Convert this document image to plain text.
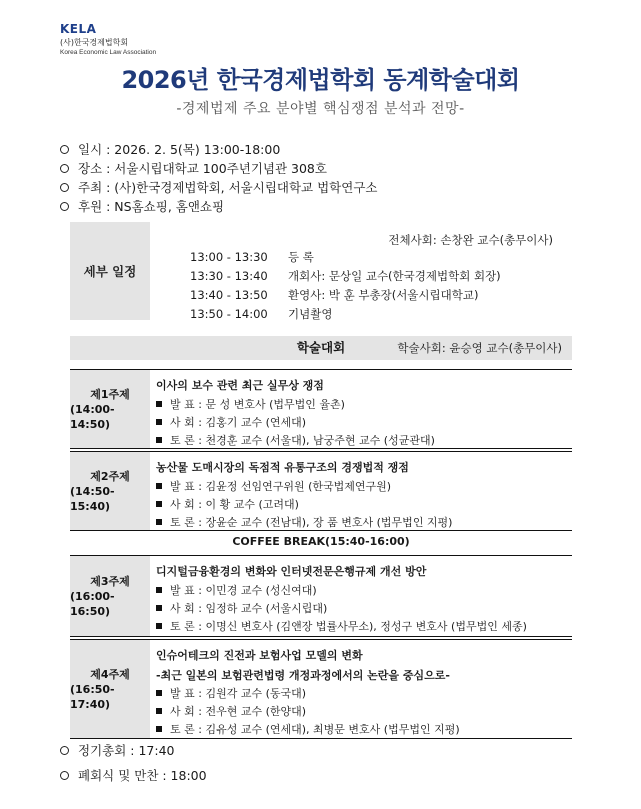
KELA
(사)한국경제법학회
Korea Economic Law Association
2026년 한국경제법학회 동계학술대회
-경제법제 주요 분야별 핵심쟁점 분석과 전망-
일시 : 2026. 2. 5(목) 13:00-18:00
장소 : 서울시립대학교 100주년기념관 308호
주최 : (사)한국경제법학회, 서울시립대학교 법학연구소
후원 : NS홈쇼핑, 홈앤쇼핑
세부 일정
전체사회: 손창완 교수(총무이사)
13:00 - 13:30 등 록
13:30 - 13:40 개회사: 문상일 교수(한국경제법학회 회장)
13:40 - 13:50 환영사: 박 훈 부총장(서울시립대학교)
13:50 - 14:00 기념촬영
학술대회	학술사회: 윤승영 교수(총무이사)
제1주제
(14:00-14:50)
이사의 보수 관련 최근 실무상 쟁점
발 표 : 문 성 변호사 (법무법인 율촌)
사 회 : 김홍기 교수 (연세대)
토 론 : 천경훈 교수 (서울대), 남궁주현 교수 (성균관대)
제2주제
(14:50-15:40)
농산물 도매시장의 독점적 유통구조의 경쟁법적 쟁점
발 표 : 김윤정 선임연구위원 (한국법제연구원)
사 회 : 이 황 교수 (고려대)
토 론 : 장윤순 교수 (전남대), 장 품 변호사 (법무법인 지평)
COFFEE BREAK(15:40-16:00)
제3주제
(16:00-16:50)
디지털금융환경의 변화와 인터넷전문은행규제 개선 방안
발 표 : 이민경 교수 (성신여대)
사 회 : 임정하 교수 (서울시립대)
토 론 : 이명신 변호사 (김앤장 법률사무소), 정성구 변호사 (법무법인 세종)
제4주제
(16:50-17:40)
인슈어테크의 진전과 보험사업 모델의 변화
-최근 일본의 보험관련법령 개정과정에서의 논란을 중심으로-
발 표 : 김원각 교수 (동국대)
사 회 : 전우현 교수 (한양대)
토 론 : 김유성 교수 (연세대), 최병문 변호사 (법무법인 지평)
정기총회 : 17:40
폐회식 및 만찬 : 18:00
